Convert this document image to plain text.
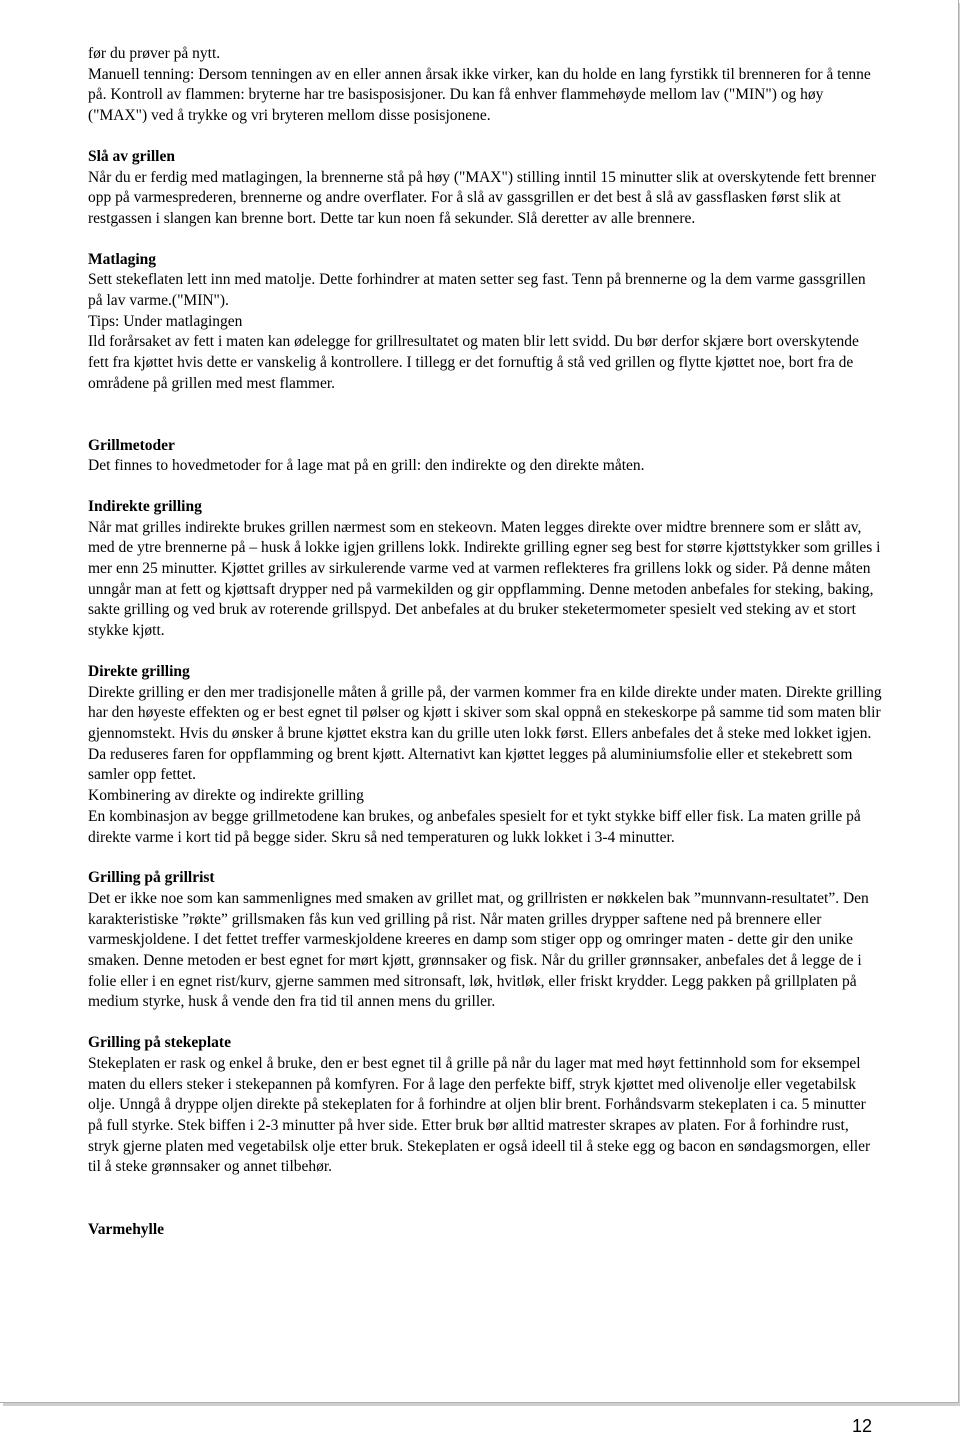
før du prøver på nytt.

Manuell tenning: Dersom tenningen av en eller annen årsak ikke virker, kan du holde en lang fyrstikk til brenneren for å tenne på. Kontroll av flammen: bryterne har tre basisposisjoner. Du kan få enhver flammehøyde mellom lav ("MIN") og høy ("MAX") ved å trykke og vri bryteren mellom disse posisjonene.

Slå av grillen

Når du er ferdig med matlagingen, la brennerne stå på høy ("MAX") stilling inntil 15 minutter slik at overskytende fett brenner opp på varmesprederen, brennerne og andre overflater. For å slå av gassgrillen er det best å slå av gassflasken først slik at restgassen i slangen kan brenne bort. Dette tar kun noen få sekunder. Slå deretter av alle brennere.

Matlaging

Sett stekeflaten lett inn med matolje. Dette forhindrer at maten setter seg fast. Tenn på brennerne og la dem varme gassgrillen på lav varme.("MIN").

Tips: Under matlagingen

Ild forårsaket av fett i maten kan ødelegge for grillresultatet og maten blir lett svidd. Du bør derfor skjære bort overskytende fett fra kjøttet hvis dette er vanskelig å kontrollere. I tillegg er det fornuftig å stå ved grillen og flytte kjøttet noe, bort fra de områdene på grillen med mest flammer.

Grillmetoder

Det finnes to hovedmetoder for å lage mat på en grill: den indirekte og den direkte måten.

Indirekte grilling

Når mat grilles indirekte brukes grillen nærmest som en stekeovn. Maten legges direkte over midtre brennere som er slått av, med de ytre brennerne på – husk å lokke igjen grillens lokk. Indirekte grilling egner seg best for større kjøttstykker som grilles i mer enn 25 minutter. Kjøttet grilles av sirkulerende varme ved at varmen reflekteres fra grillens lokk og sider. På denne måten unngår man at fett og kjøttsaft drypper ned på varmekilden og gir oppflamming. Denne metoden anbefales for steking, baking, sakte grilling og ved bruk av roterende grillspyd. Det anbefales at du bruker steketermometer spesielt ved steking av et stort stykke kjøtt.

Direkte grilling

Direkte grilling er den mer tradisjonelle måten å grille på, der varmen kommer fra en kilde direkte under maten. Direkte grilling har den høyeste effekten og er best egnet til pølser og kjøtt i skiver som skal oppnå en stekeskorpe på samme tid som maten blir gjennomstekt. Hvis du ønsker å brune kjøttet ekstra kan du grille uten lokk først. Ellers anbefales det å steke med lokket igjen. Da reduseres faren for oppflamming og brent kjøtt. Alternativt kan kjøttet legges på aluminiumsfolie eller et stekebrett som samler opp fettet.

Kombinering av direkte og indirekte grilling

En kombinasjon av begge grillmetodene kan brukes, og anbefales spesielt for et tykt stykke biff eller fisk. La maten grille på direkte varme i kort tid på begge sider. Skru så ned temperaturen og lukk lokket i 3-4 minutter.

Grilling på grillrist

Det er ikke noe som kan sammenlignes med smaken av grillet mat, og grillristen er nøkkelen bak ”munnvann-resultatet”. Den karakteristiske ”røkte” grillsmaken fås kun ved grilling på rist. Når maten grilles drypper saftene ned på brennere eller varmeskjoldene. I det fettet treffer varmeskjoldene kreeres en damp som stiger opp og omringer maten - dette gir den unike smaken. Denne metoden er best egnet for mørt kjøtt, grønnsaker og fisk. Når du griller grønnsaker, anbefales det å legge de i folie eller i en egnet rist/kurv, gjerne sammen med sitronsaft, løk, hvitløk, eller friskt krydder. Legg pakken på grillplaten på medium styrke, husk å vende den fra tid til annen mens du griller.

Grilling på stekeplate

Stekeplaten er rask og enkel å bruke, den er best egnet til å grille på når du lager mat med høyt fettinnhold som for eksempel maten du ellers steker i stekepannen på komfyren. For å lage den perfekte biff, stryk kjøttet med olivenolje eller vegetabilsk olje. Unngå å dryppe oljen direkte på stekeplaten for å forhindre at oljen blir brent. Forhåndsvarm stekeplaten i ca. 5 minutter på full styrke. Stek biffen i 2-3 minutter på hver side. Etter bruk bør alltid matrester skrapes av platen. For å forhindre rust, stryk gjerne platen med vegetabilsk olje etter bruk. Stekeplaten er også ideell til å steke egg og bacon en søndagsmorgen, eller til å steke grønnsaker og annet tilbehør.

Varmehylle

12
